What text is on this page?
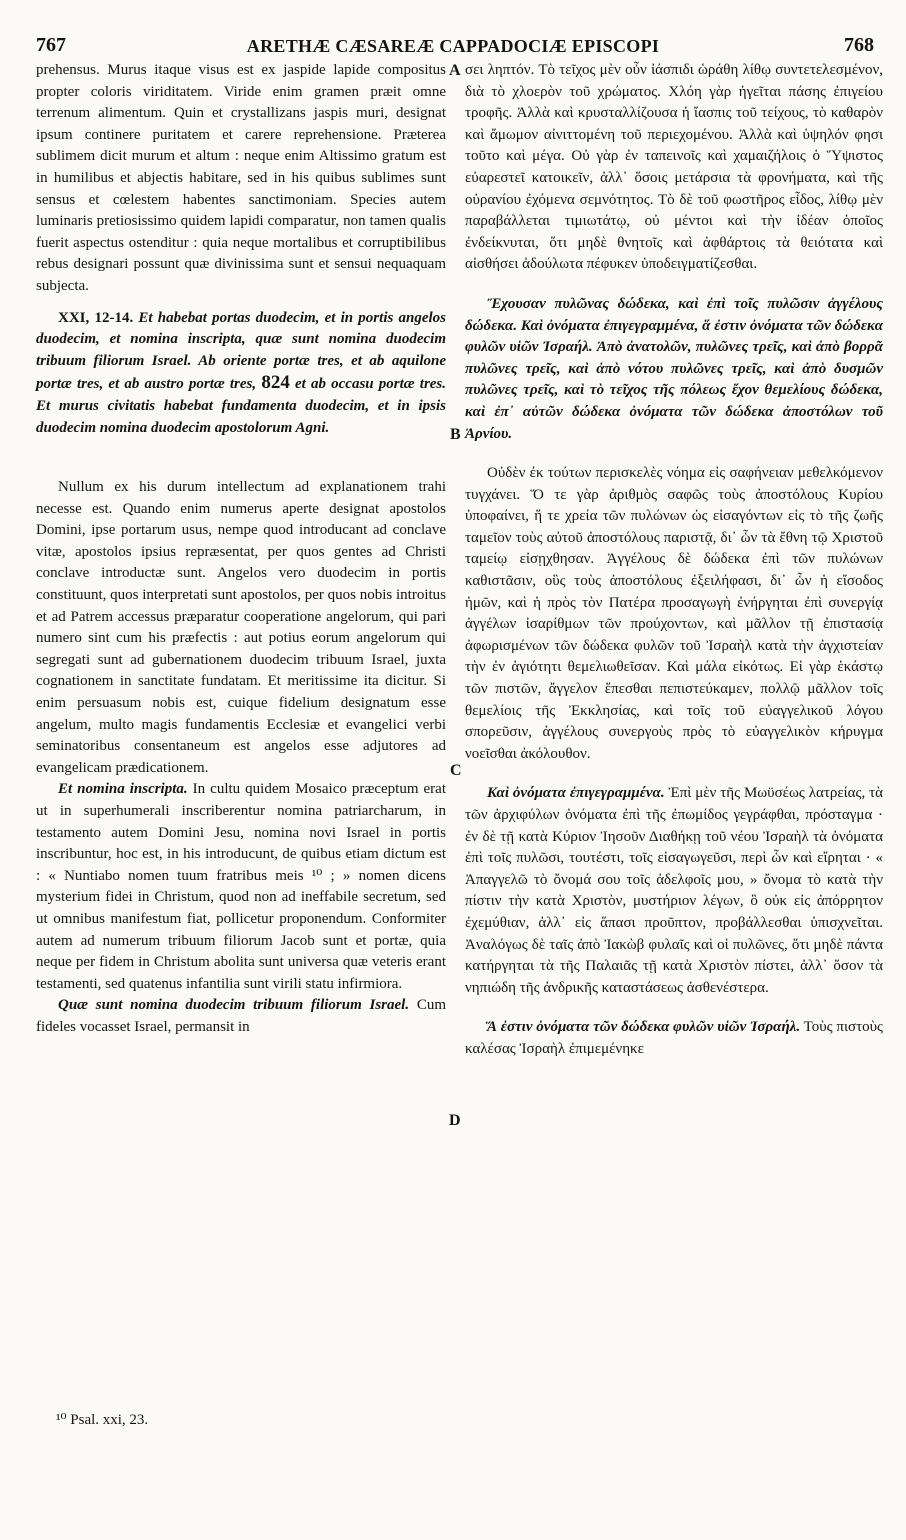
767	ARETHÆ CÆSAREÆ CAPPADOCIÆ EPISCOPI	768
A
B
C
D

prehensus. Murus itaque visus est ex jaspide lapide compositus propter coloris viriditatem. Viride enim gramen præit omne terrenum alimentum. Quin et crystallizans jaspis muri, designat ipsum continere puritatem et carere reprehensione. Præterea sublimem dicit murum et altum : neque enim Altissimo gratum est in humilibus et abjectis habitare, sed in his quibus sublimes sunt sensus et cœlestem habentes sanctimoniam. Species autem luminaris pretiosissimo quidem lapidi comparatur, non tamen qualis fuerit aspectus ostenditur : quia neque mortalibus et corruptibilibus rebus designari possunt quæ divinissima sunt et sensui nequaquam subjecta.

XXI, 12-14. Et habebat portas duodecim, et in portis angelos duodecim, et nomina inscripta, quæ sunt nomina duodecim tribuum filiorum Israel. Ab oriente portæ tres, et ab aquilone portæ tres, et ab austro portæ tres, 824 et ab occasu portæ tres. Et murus civitatis habebat fundamenta duodecim, et in ipsis duodecim nomina duodecim apostolorum Agni.

Nullum ex his durum intellectum ad explanationem trahi necesse est. Quando enim numerus aperte designat apostolos Domini, ipse portarum usus, nempe quod introducant ad conclave vitæ, apostolos ipsius repræsentat, per quos gentes ad Christi conclave introductæ sunt. Angelos vero duodecim in portis constituunt, quos interpretati sunt apostolos, per quos nobis introitus et ad Patrem accessus præparatur cooperatione angelorum, qui pari numero sint cum his præfectis : aut potius eorum angelorum qui segregati sunt ad gubernationem duodecim tribuum Israel, juxta cognationem in sanctitate fundatam. Et meritissime ita dicitur. Si enim persuasum nobis est, cuique fidelium designatum esse angelum, multo magis fundamentis Ecclesiæ et evangelici verbi seminatoribus consentaneum est angelos esse adjutores ad evangelicam prædicationem.

Et nomina inscripta. In cultu quidem Mosaico præceptum erat ut in superhumerali inscriberentur nomina patriarcharum, in testamento autem Domini Jesu, nomina novi Israel in portis inscribuntur, hoc est, in his introducunt, de quibus etiam dictum est : « Nuntiabo nomen tuum fratribus meis ¹⁰ ; » nomen dicens mysterium fidei in Christum, quod non ad ineffabile secretum, sed ut omnibus manifestum fiat, pollicetur proponendum. Conformiter autem ad numerum tribuum filiorum Jacob sunt et portæ, quia neque per fidem in Christum abolita sunt universa quæ veteris erant testamenti, sed quatenus infantilia sunt virili statu infirmiora.

Quæ sunt nomina duodecim tribuum filiorum Israel. Cum fideles vocasset Israel, permansit in

σει ληπτόν. Τὸ τεῖχος μὲν οὖν ἰάσπιδι ὡράθη λίθῳ συντετελεσμένον, διὰ τὸ χλοερὸν τοῦ χρώματος. Χλόη γὰρ ἡγεῖται πάσης ἐπιγείου τροφῆς. Ἀλλὰ καὶ κρυσταλλίζουσα ἡ ἴασπις τοῦ τείχους, τὸ καθαρὸν καὶ ἄμωμον αἰνιττομένη τοῦ περιεχομένου. Ἀλλὰ καὶ ὑψηλόν φησι τοῦτο καὶ μέγα. Οὐ γὰρ ἐν ταπεινοῖς καὶ χαμαιζήλοις ὁ Ὕψιστος εὐαρεστεῖ κατοικεῖν, ἀλλ᾽ ὅσοις μετάρσια τὰ φρονήματα, καὶ τῆς οὐρανίου ἐχόμενα σεμνότητος. Τὸ δὲ τοῦ φωστῆρος εἶδος, λίθῳ μὲν παραβάλλεται τιμιωτάτῳ, οὐ μέντοι καὶ τὴν ἰδέαν ὁποῖος ἐνδείκνυται, ὅτι μηδὲ θνητοῖς καὶ ἀφθάρτοις τὰ θειότατα καὶ αἰσθήσει ἀδούλωτα πέφυκεν ὑποδειγματίζεσθαι.

Ἔχουσαν πυλῶνας δώδεκα, καὶ ἐπὶ τοῖς πυλῶσιν ἀγγέλους δώδεκα. Καὶ ὀνόματα ἐπιγεγραμμένα, ἅ ἐστιν ὀνόματα τῶν δώδεκα φυλῶν υἱῶν Ἰσραήλ. Ἀπὸ ἀνατολῶν, πυλῶνες τρεῖς, καὶ ἀπὸ βορρᾶ πυλῶνες τρεῖς, καὶ ἀπὸ νότου πυλῶνες τρεῖς, καὶ ἀπὸ δυσμῶν πυλῶνες τρεῖς, καὶ τὸ τεῖχος τῆς πόλεως ἔχον θεμελίους δώδεκα, καὶ ἐπ᾽ αὐτῶν δώδεκα ὀνόματα τῶν δώδεκα ἀποστόλων τοῦ Ἀρνίου.

Οὐδὲν ἐκ τούτων περισκελὲς νόημα εἰς σαφήνειαν μεθελκόμενον τυγχάνει. Ὅ τε γὰρ ἀριθμὸς σαφῶς τοὺς ἀποστόλους Κυρίου ὑποφαίνει, ἥ τε χρεία τῶν πυλώνων ὡς εἰσαγόντων εἰς τὸ τῆς ζωῆς ταμεῖον τοὺς αὐτοῦ ἀποστόλους παριστᾷ, δι᾽ ὧν τὰ ἔθνη τῷ Χριστοῦ ταμείῳ εἰσῃχθησαν. Ἀγγέλους δὲ δώδεκα ἐπὶ τῶν πυλώνων καθιστᾶσιν, οὓς τοὺς ἀποστόλους ἐξειλήφασι, δι᾽ ὧν ἡ εἴσοδος ἡμῶν, καὶ ἡ πρὸς τὸν Πατέρα προσαγωγὴ ἐνήργηται ἐπὶ συνεργίᾳ ἀγγέλων ἰσαρίθμων τῶν προύχοντων, καὶ μᾶλλον τῇ ἐπιστασίᾳ ἀφωρισμένων τῶν δώδεκα φυλῶν τοῦ Ἰσραὴλ κατὰ τὴν ἀγχιστείαν τὴν ἐν ἁγιότητι θεμελιωθεῖσαν. Καὶ μάλα εἰκότως. Εἰ γὰρ ἑκάστῳ τῶν πιστῶν, ἄγγελον ἕπεσθαι πεπιστεύκαμεν, πολλῷ μᾶλλον τοῖς θεμελίοις τῆς Ἐκκλησίας, καὶ τοῖς τοῦ εὐαγγελικοῦ λόγου σπορεῦσιν, ἀγγέλους συνεργοὺς πρὸς τὸ εὐαγγελικὸν κήρυγμα νοεῖσθαι ἀκόλουθον.

Καὶ ὀνόματα ἐπιγεγραμμένα. Ἐπὶ μὲν τῆς Μωϋσέως λατρείας, τὰ τῶν ἀρχιφύλων ὀνόματα ἐπὶ τῆς ἐπωμίδος γεγράφθαι, πρόσταγμα · ἐν δὲ τῇ κατὰ Κύριον Ἰησοῦν Διαθήκῃ τοῦ νέου Ἰσραὴλ τὰ ὀνόματα ἐπὶ τοῖς πυλῶσι, τουτέστι, τοῖς εἰσαγωγεῦσι, περὶ ὧν καὶ εἴρηται · « Ἀπαγγελῶ τὸ ὄνομά σου τοῖς ἀδελφοῖς μου, » ὄνομα τὸ κατὰ τὴν πίστιν τὴν κατὰ Χριστὸν, μυστήριον λέγων, ὃ οὐκ εἰς ἀπόρρητον ἐχεμύθιαν, ἀλλ᾽ εἰς ἅπασι προῦπτον, προβάλλεσθαι ὑπισχνεῖται. Ἀναλόγως δὲ ταῖς ἀπὸ Ἰακὼβ φυλαῖς καὶ οἱ πυλῶνες, ὅτι μηδὲ πάντα κατήργηται τὰ τῆς Παλαιᾶς τῇ κατὰ Χριστὸν πίστει, ἀλλ᾽ ὅσον τὰ νηπιώδη τῆς ἀνδρικῆς καταστάσεως ἀσθενέστερα.

Ἅ ἐστιν ὀνόματα τῶν δώδεκα φυλῶν υἱῶν Ἰσραήλ. Τοὺς πιστοὺς καλέσας Ἰσραὴλ ἐπιμεμένηκε

¹⁰ Psal. xxi, 23.
